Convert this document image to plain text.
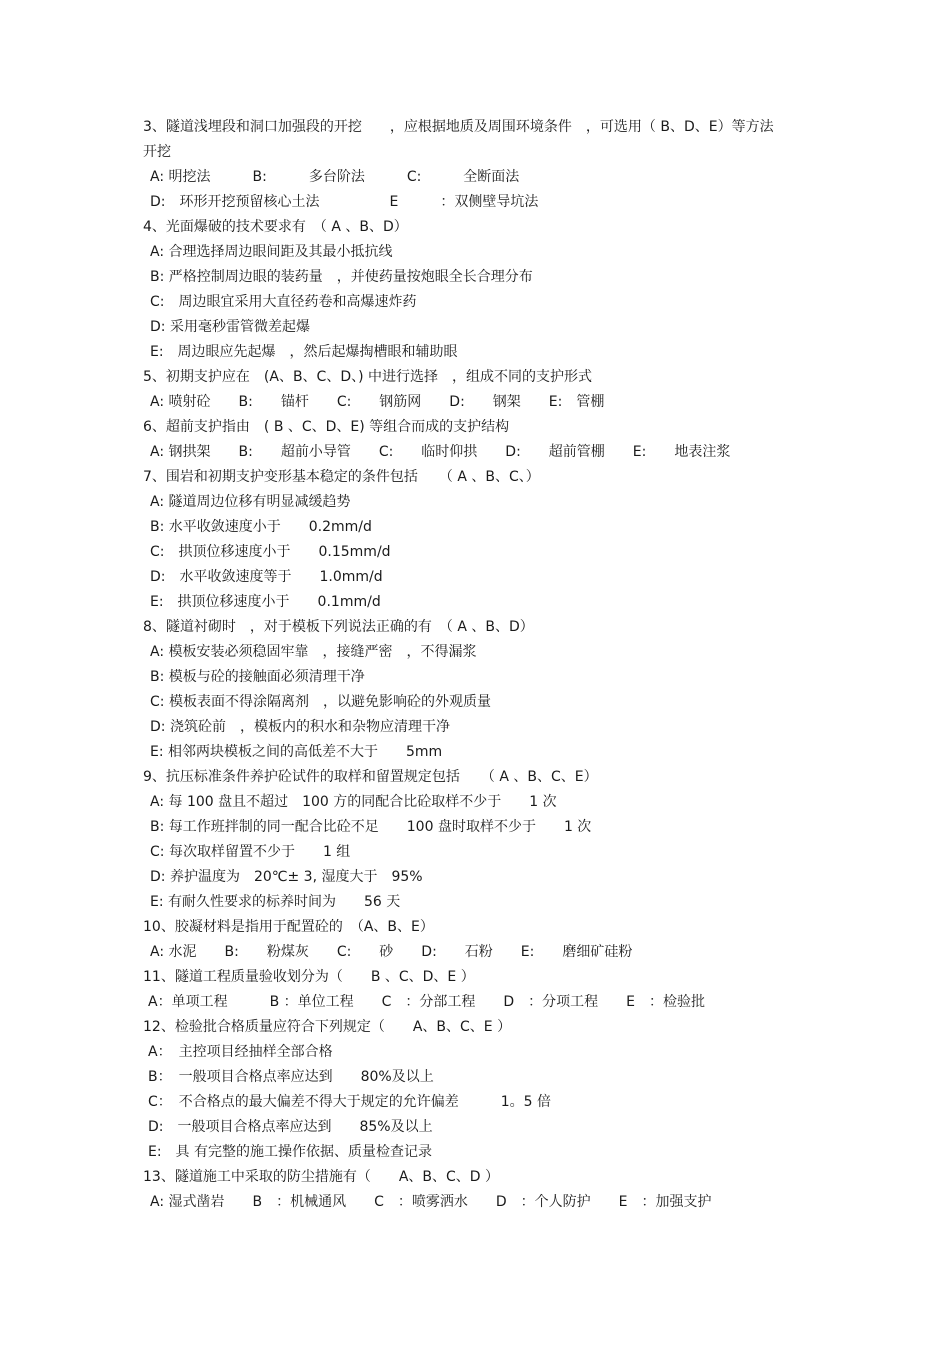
3、隧道浅埋段和洞口加强段的开挖　　，应根据地质及周围环境条件　，可选用（ B、D、E）等方法
开挖
A: 明挖法　　　B:　　　多台阶法　　　C:　　　全断面法
D:　环形开挖预留核心土法　　　　　E　　　：双侧壁导坑法
4、光面爆破的技术要求有　（ A 、B、D）
A: 合理选择周边眼间距及其最小抵抗线
B: 严格控制周边眼的装药量　，并使药量按炮眼全长合理分布
C:　周边眼宜采用大直径药卷和高爆速炸药
D: 采用毫秒雷管微差起爆
E:　周边眼应先起爆　，然后起爆掏槽眼和辅助眼
5、初期支护应在　(A、B、C、D、) 中进行选择　，组成不同的支护形式
A: 喷射砼　　B:　　锚杆　　C:　　钢筋网　　D:　　钢架　　E:　管棚
6、超前支护指由　( B 、C、D、E) 等组合而成的支护结构
A: 钢拱架　　B:　　超前小导管　　C:　　临时仰拱　　D:　　超前管棚　　E:　　地表注浆
7、围岩和初期支护变形基本稳定的条件包括　　（ A 、B、C、）
A: 隧道周边位移有明显减缓趋势
B: 水平收敛速度小于　　0.2mm/d
C:　拱顶位移速度小于　　0.15mm/d
D:　水平收敛速度等于　　1.0mm/d
E:　拱顶位移速度小于　　0.1mm/d
8、隧道衬砌时　，对于模板下列说法正确的有　（ A 、B、D）
A: 模板安装必须稳固牢靠　，接缝严密　，不得漏浆
B: 模板与砼的接触面必须清理干净
C: 模板表面不得涂隔离剂　，以避免影响砼的外观质量
D: 浇筑砼前　，模板内的积水和杂物应清理干净
E: 相邻两块模板之间的高低差不大于　　5mm
9、抗压标准条件养护砼试件的取样和留置规定包括　　（ A 、B、C、E）
A: 每 100 盘且不超过　100 方的同配合比砼取样不少于　　1 次
B: 每工作班拌制的同一配合比砼不足　　100 盘时取样不少于　　1 次
C: 每次取样留置不少于　　1 组
D: 养护温度为　20℃± 3, 湿度大于　95%
E: 有耐久性要求的标养时间为　　56 天
10、胶凝材料是指用于配置砼的　（A、B、E）
A: 水泥　　B:　　粉煤灰　　C:　　砂　　D:　　石粉　　E:　　磨细矿硅粉
11、隧道工程质量验收划分为（　　B 、C、D、E ）
A：单项工程　　　B ：单位工程　　C　：分部工程　　D　：分项工程　　E　：检验批
12、检验批合格质量应符合下列规定（　　A、B、C、E ）
A：　主控项目经抽样全部合格
B：　一般项目合格点率应达到　　80%及以上
C：　不合格点的最大偏差不得大于规定的允许偏差　　　1。5 倍
D:　一般项目合格点率应达到　　85%及以上
E:　具 有完整的施工操作依据、质量检查记录
13、隧道施工中采取的防尘措施有（　　A、B、C、D ）
A: 湿式凿岩　　B　：机械通风　　C　：喷雾洒水　　D　：个人防护　　E　：加强支护
